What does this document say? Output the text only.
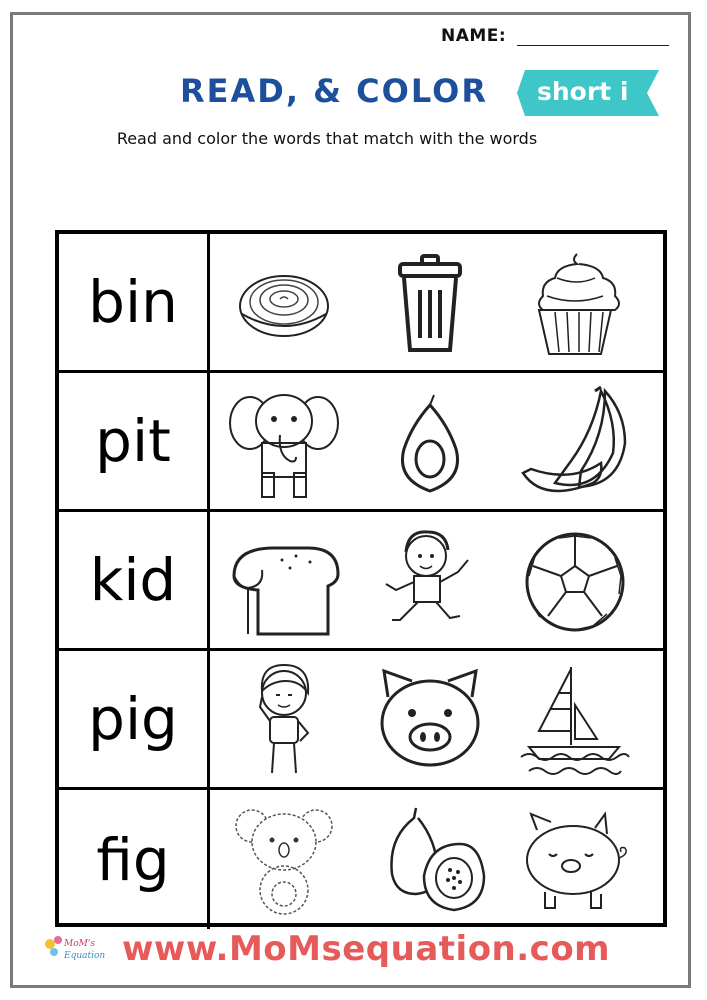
NAME:
READ, & COLOR short i
Read and color the words that match with the words
bin
pit
kid
pig
fig
MoM's
Equation www.MoMsequation.com
